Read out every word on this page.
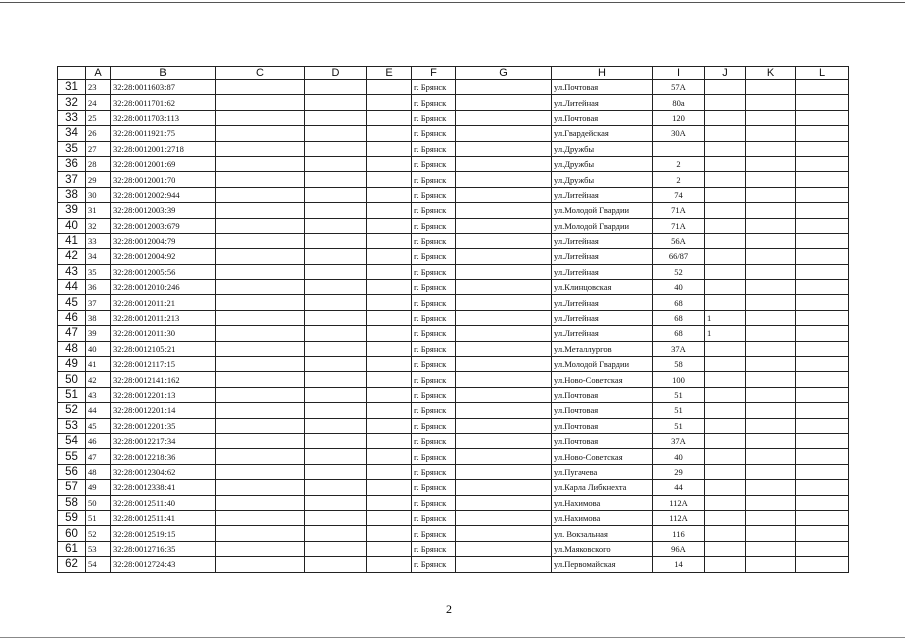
	A	B	C	D	E	F	G	H	I	J	K	L
31	23	32:28:0011603:87				г. Брянск		ул.Почтовая	57А			
32	24	32:28:0011701:62				г. Брянск		ул.Литейная	80а			
33	25	32:28:0011703:113				г. Брянск		ул.Почтовая	120			
34	26	32:28:0011921:75				г. Брянск		ул.Гвардейская	30А			
35	27	32:28:0012001:2718				г. Брянск		ул.Дружбы				
36	28	32:28:0012001:69				г. Брянск		ул.Дружбы	2			
37	29	32:28:0012001:70				г. Брянск		ул.Дружбы	2			
38	30	32:28:0012002:944				г. Брянск		ул.Литейная	74			
39	31	32:28:0012003:39				г. Брянск		ул.Молодой Гвардии	71А			
40	32	32:28:0012003:679				г. Брянск		ул.Молодой Гвардии	71А			
41	33	32:28:0012004:79				г. Брянск		ул.Литейная	56А			
42	34	32:28:0012004:92				г. Брянск		ул.Литейная	66/87			
43	35	32:28:0012005:56				г. Брянск		ул.Литейная	52			
44	36	32:28:0012010:246				г. Брянск		ул.Клинцовская	40			
45	37	32:28:0012011:21				г. Брянск		ул.Литейная	68			
46	38	32:28:0012011:213				г. Брянск		ул.Литейная	68	1		
47	39	32:28:0012011:30				г. Брянск		ул.Литейная	68	1		
48	40	32:28:0012105:21				г. Брянск		ул.Металлургов	37А			
49	41	32:28:0012117:15				г. Брянск		ул.Молодой Гвардии	58			
50	42	32:28:0012141:162				г. Брянск		ул.Ново-Советская	100			
51	43	32:28:0012201:13				г. Брянск		ул.Почтовая	51			
52	44	32:28:0012201:14				г. Брянск		ул.Почтовая	51			
53	45	32:28:0012201:35				г. Брянск		ул.Почтовая	51			
54	46	32:28:0012217:34				г. Брянск		ул.Почтовая	37А			
55	47	32:28:0012218:36				г. Брянск		ул.Ново-Советская	40			
56	48	32:28:0012304:62				г. Брянск		ул.Пугачева	29			
57	49	32:28:0012338:41				г. Брянск		ул.Карла Либкнехта	44			
58	50	32:28:0012511:40				г. Брянск		ул.Нахимова	112А			
59	51	32:28:0012511:41				г. Брянск		ул.Нахимова	112А			
60	52	32:28:0012519:15				г. Брянск		ул. Вокзальная	116			
61	53	32:28:0012716:35				г. Брянск		ул.Маяковского	96А			
62	54	32:28:0012724:43				г. Брянск		ул.Первомайская	14			
2
